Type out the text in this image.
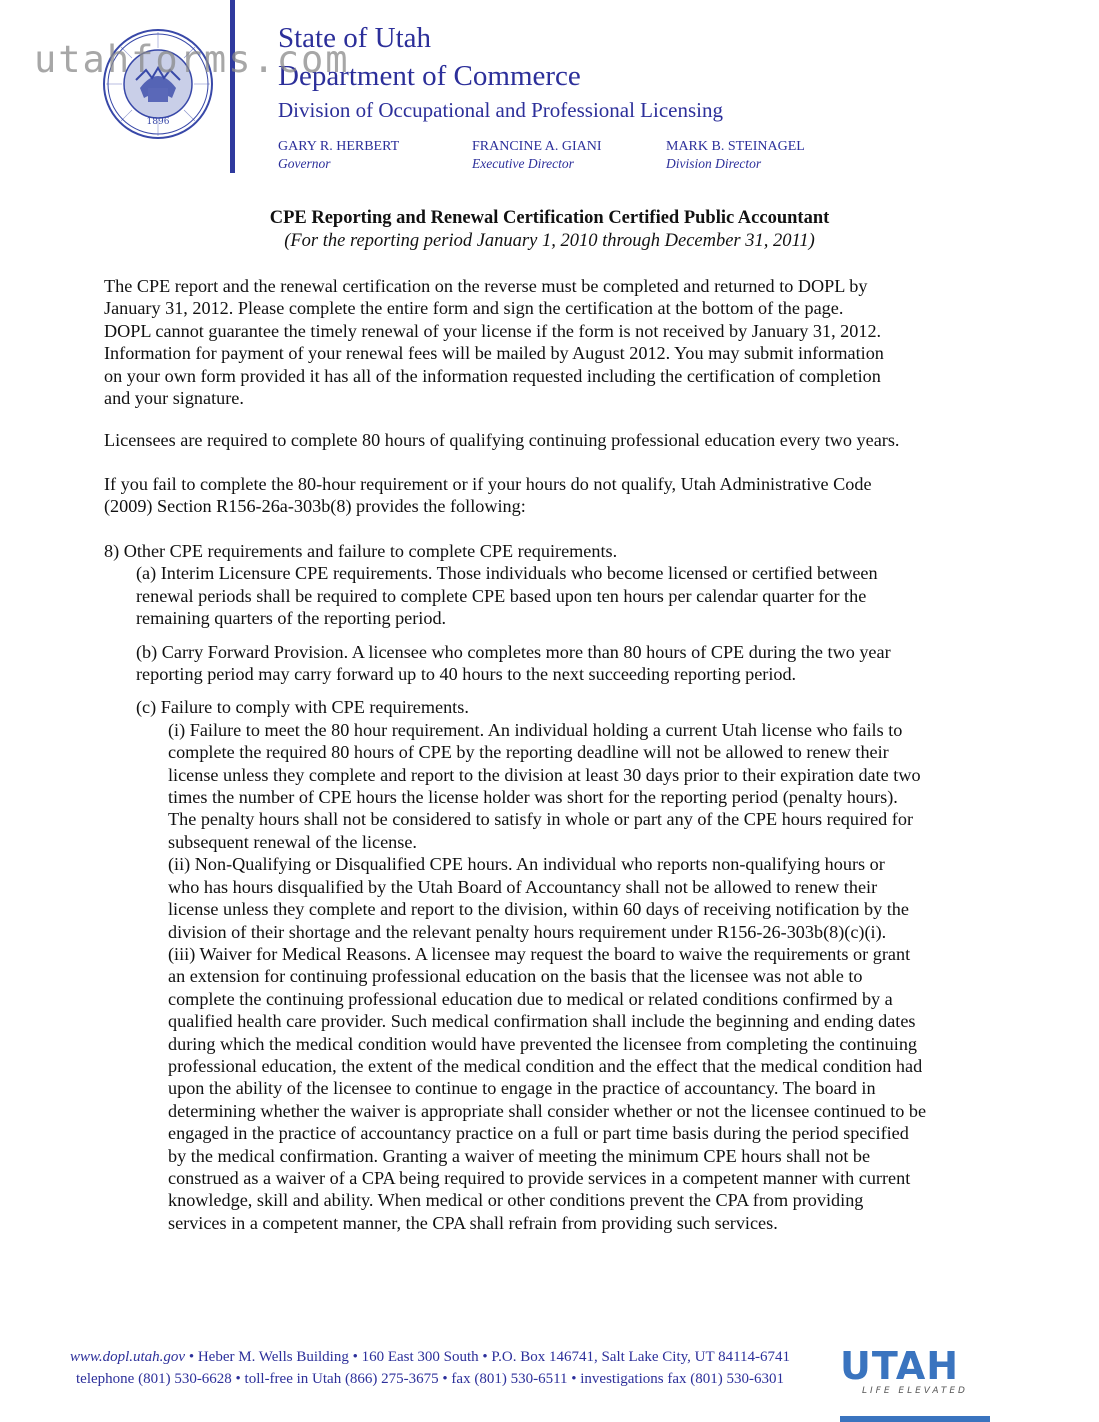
utahforms.com
1896
State of Utah
Department of Commerce
Division of Occupational and Professional Licensing
GARY R. HERBERT
Governor
FRANCINE A. GIANI
Executive Director
MARK B. STEINAGEL
Division Director
CPE Reporting and Renewal Certification Certified Public Accountant
(For the reporting period January 1, 2010 through December 31, 2011)

The CPE report and the renewal certification on the reverse must be completed and returned to DOPL by

January 31, 2012. Please complete the entire form and sign the certification at the bottom of the page.

DOPL cannot guarantee the timely renewal of your license if the form is not received by January 31, 2012.

Information for payment of your renewal fees will be mailed by August 2012. You may submit information

on your own form provided it has all of the information requested including the certification of completion

and your signature.

Licensees are required to complete 80 hours of qualifying continuing professional education every two years.

If you fail to complete the 80-hour requirement or if your hours do not qualify, Utah Administrative Code

(2009) Section R156-26a-303b(8) provides the following:

8) Other CPE requirements and failure to complete CPE requirements.

(a) Interim Licensure CPE requirements. Those individuals who become licensed or certified between

renewal periods shall be required to complete CPE based upon ten hours per calendar quarter for the

remaining quarters of the reporting period.

(b) Carry Forward Provision. A licensee who completes more than 80 hours of CPE during the two year

reporting period may carry forward up to 40 hours to the next succeeding reporting period.

(c) Failure to comply with CPE requirements.

(i) Failure to meet the 80 hour requirement. An individual holding a current Utah license who fails to

complete the required 80 hours of CPE by the reporting deadline will not be allowed to renew their

license unless they complete and report to the division at least 30 days prior to their expiration date two

times the number of CPE hours the license holder was short for the reporting period (penalty hours).

The penalty hours shall not be considered to satisfy in whole or part any of the CPE hours required for

subsequent renewal of the license.

(ii) Non-Qualifying or Disqualified CPE hours. An individual who reports non-qualifying hours or

who has hours disqualified by the Utah Board of Accountancy shall not be allowed to renew their

license unless they complete and report to the division, within 60 days of receiving notification by the

division of their shortage and the relevant penalty hours requirement under R156-26-303b(8)(c)(i).

(iii) Waiver for Medical Reasons. A licensee may request the board to waive the requirements or grant

an extension for continuing professional education on the basis that the licensee was not able to

complete the continuing professional education due to medical or related conditions confirmed by a

qualified health care provider. Such medical confirmation shall include the beginning and ending dates

during which the medical condition would have prevented the licensee from completing the continuing

professional education, the extent of the medical condition and the effect that the medical condition had

upon the ability of the licensee to continue to engage in the practice of accountancy. The board in

determining whether the waiver is appropriate shall consider whether or not the licensee continued to be

engaged in the practice of accountancy practice on a full or part time basis during the period specified

by the medical confirmation. Granting a waiver of meeting the minimum CPE hours shall not be

construed as a waiver of a CPA being required to provide services in a competent manner with current

knowledge, skill and ability. When medical or other conditions prevent the CPA from providing

services in a competent manner, the CPA shall refrain from providing such services.

www.dopl.utah.gov • Heber M. Wells Building • 160 East 300 South • P.O. Box 146741, Salt Lake City, UT 84114-6741
telephone (801) 530-6628 • toll-free in Utah (866) 275-3675 • fax (801) 530-6511 • investigations fax (801) 530-6301	UTAH
LIFE ELEVATED
